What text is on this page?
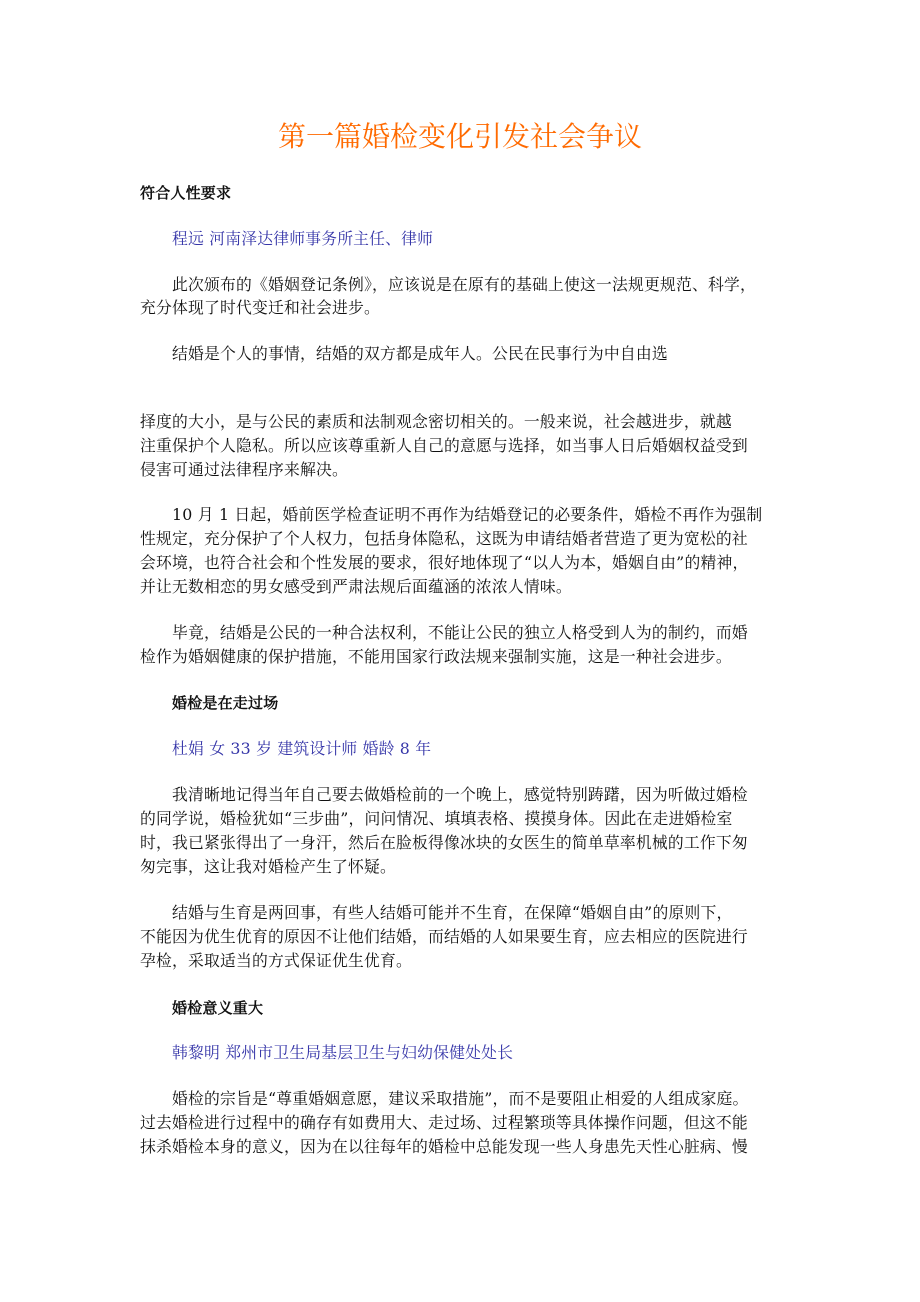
第一篇婚检变化引发社会争议
符合人性要求
程远 河南泽达律师事务所主任、律师
此次颁布的《婚姻登记条例》，应该说是在原有的基础上使这一法规更规范、科学，
充分体现了时代变迁和社会进步。
结婚是个人的事情，结婚的双方都是成年人。公民在民事行为中自由选
择度的大小，是与公民的素质和法制观念密切相关的。一般来说，社会越进步，就越
注重保护个人隐私。所以应该尊重新人自己的意愿与选择，如当事人日后婚姻权益受到
侵害可通过法律程序来解决。
10 月 1 日起，婚前医学检查证明不再作为结婚登记的必要条件，婚检不再作为强制
性规定，充分保护了个人权力，包括身体隐私，这既为申请结婚者营造了更为宽松的社
会环境，也符合社会和个性发展的要求，很好地体现了“以人为本，婚姻自由”的精神，
并让无数相恋的男女感受到严肃法规后面蕴涵的浓浓人情味。
毕竟，结婚是公民的一种合法权利，不能让公民的独立人格受到人为的制约，而婚
检作为婚姻健康的保护措施，不能用国家行政法规来强制实施，这是一种社会进步。
婚检是在走过场
杜娟 女 33 岁 建筑设计师 婚龄 8 年
我清晰地记得当年自己要去做婚检前的一个晚上，感觉特别踌躇，因为听做过婚检
的同学说，婚检犹如“三步曲”，问问情况、填填表格、摸摸身体。因此在走进婚检室
时，我已紧张得出了一身汗，然后在脸板得像冰块的女医生的简单草率机械的工作下匆
匆完事，这让我对婚检产生了怀疑。
结婚与生育是两回事，有些人结婚可能并不生育，在保障“婚姻自由”的原则下，
不能因为优生优育的原因不让他们结婚，而结婚的人如果要生育，应去相应的医院进行
孕检，采取适当的方式保证优生优育。
婚检意义重大
韩黎明 郑州市卫生局基层卫生与妇幼保健处处长
婚检的宗旨是“尊重婚姻意愿，建议采取措施”，而不是要阻止相爱的人组成家庭。
过去婚检进行过程中的确存有如费用大、走过场、过程繁琐等具体操作问题，但这不能
抹杀婚检本身的意义，因为在以往每年的婚检中总能发现一些人身患先天性心脏病、慢
